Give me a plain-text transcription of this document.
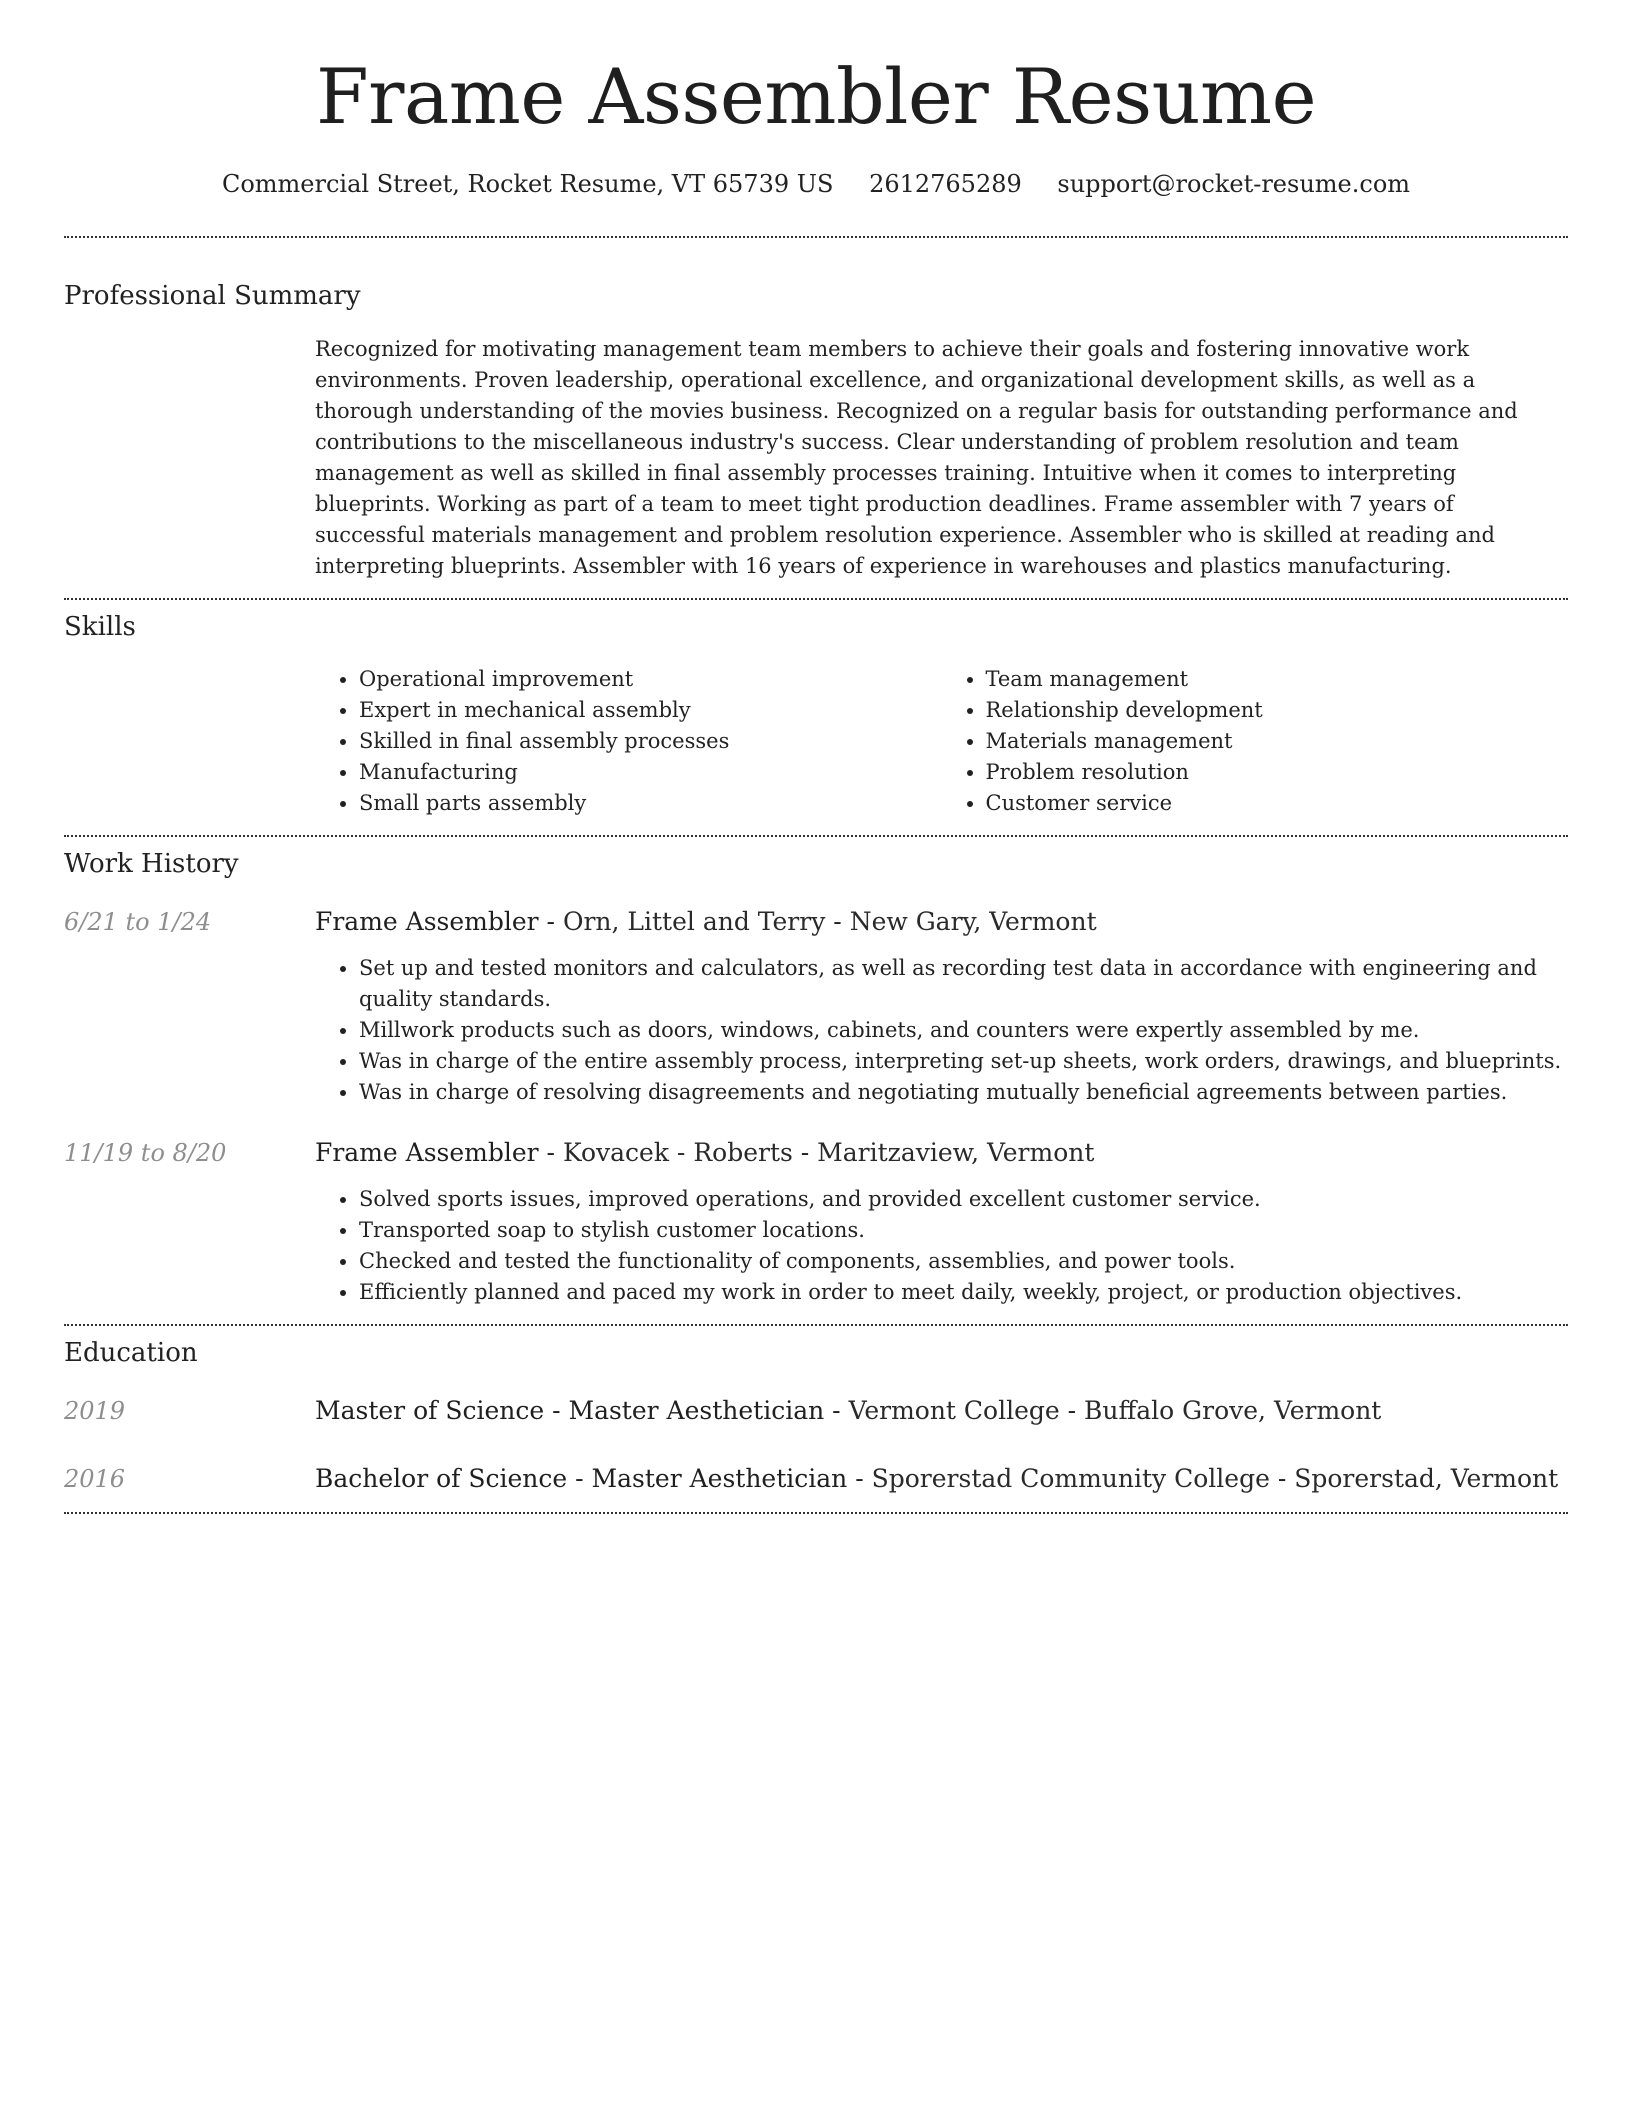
Frame Assembler Resume
Commercial Street, Rocket Resume, VT 65739 US 2612765289 support@rocket-resume.com
Professional Summary

Recognized for motivating management team members to achieve their goals and fostering innovative work environments. Proven leadership, operational excellence, and organizational development skills, as well as a thorough understanding of the movies business. Recognized on a regular basis for outstanding performance and contributions to the miscellaneous industry's success. Clear understanding of problem resolution and team management as well as skilled in final assembly processes training. Intuitive when it comes to interpreting blueprints. Working as part of a team to meet tight production deadlines. Frame assembler with 7 years of successful materials management and problem resolution experience. Assembler who is skilled at reading and interpreting blueprints. Assembler with 16 years of experience in warehouses and plastics manufacturing.

Skills
• Operational improvement
• Expert in mechanical assembly
• Skilled in final assembly processes
• Manufacturing
• Small parts assembly
• Team management
• Relationship development
• Materials management
• Problem resolution
• Customer service
Work History
6/21 to 1/24	Frame Assembler - Orn, Littel and Terry - New Gary, Vermont
• Set up and tested monitors and calculators, as well as recording test data in accordance with engineering and quality standards.
• Millwork products such as doors, windows, cabinets, and counters were expertly assembled by me.
• Was in charge of the entire assembly process, interpreting set-up sheets, work orders, drawings, and blueprints.
• Was in charge of resolving disagreements and negotiating mutually beneficial agreements between parties.
11/19 to 8/20	Frame Assembler - Kovacek - Roberts - Maritzaview, Vermont
• Solved sports issues, improved operations, and provided excellent customer service.
• Transported soap to stylish customer locations.
• Checked and tested the functionality of components, assemblies, and power tools.
• Efficiently planned and paced my work in order to meet daily, weekly, project, or production objectives.
Education
2019	Master of Science - Master Aesthetician - Vermont College - Buffalo Grove, Vermont
2016	Bachelor of Science - Master Aesthetician - Sporerstad Community College - Sporerstad, Vermont
